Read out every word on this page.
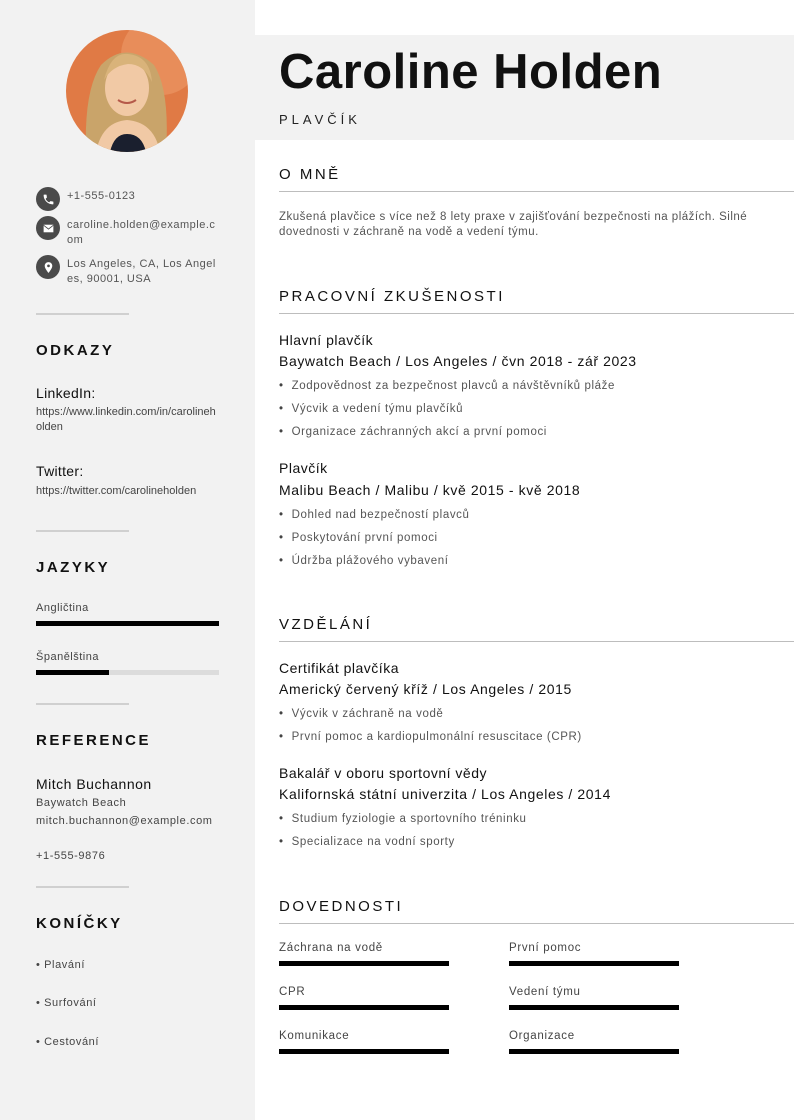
+1-555-0123
caroline.holden@example.com
Los Angeles, CA, Los Angeles, 90001, USA
ODKAZY
LinkedIn:
https://www.linkedin.com/in/carolineholden
Twitter:
https://twitter.com/carolineholden
JAZYKY
Angličtina
Španělština
REFERENCE
Mitch Buchannon
Baywatch Beach
mitch.buchannon@example.com
+1-555-9876
KONÍČKY
• Plavání
• Surfování
• Cestování
Caroline Holden
PLAVČÍK
O MNĚ
Zkušená plavčice s více než 8 lety praxe v zajišťování bezpečnosti na plážích. Silné dovednosti v záchraně na vodě a vedení týmu.
PRACOVNÍ ZKUŠENOSTI
Hlavní plavčík
Baywatch Beach / Los Angeles / čvn 2018 - zář 2023
• Zodpovědnost za bezpečnost plavců a návštěvníků pláže
• Výcvik a vedení týmu plavčíků
• Organizace záchranných akcí a první pomoci
Plavčík
Malibu Beach / Malibu / kvě 2015 - kvě 2018
• Dohled nad bezpečností plavců
• Poskytování první pomoci
• Údržba plážového vybavení
VZDĚLÁNÍ
Certifikát plavčíka
Americký červený kříž / Los Angeles / 2015
• Výcvik v záchraně na vodě
• První pomoc a kardiopulmonální resuscitace (CPR)
Bakalář v oboru sportovní vědy
Kalifornská státní univerzita / Los Angeles / 2014
• Studium fyziologie a sportovního tréninku
• Specializace na vodní sporty
DOVEDNOSTI
Záchrana na vodě	První pomoc
CPR	Vedení týmu
Komunikace	Organizace
